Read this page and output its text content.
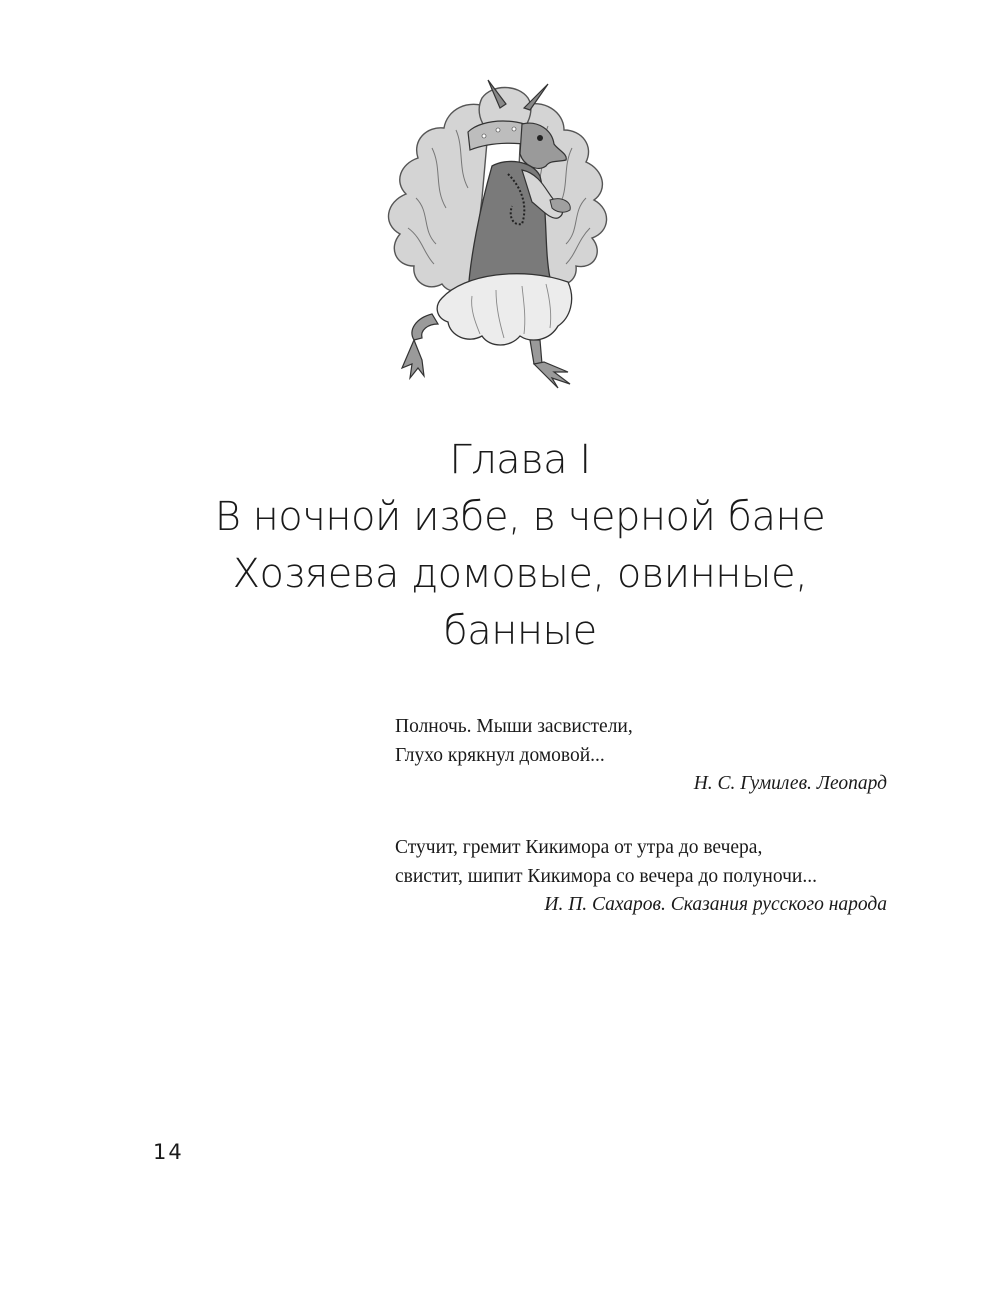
Глава I
В ночной избе, в черной бане
Хозяева домовые, овинные,
банные
Полночь. Мыши засвистели,
Глухо крякнул домовой...
Н. С. Гумилев. Леопард
Стучит, гремит Кикимора от утра до вечера,
свистит, шипит Кикимора со вечера до полуночи...
И. П. Сахаров. Сказания русского народа
14
